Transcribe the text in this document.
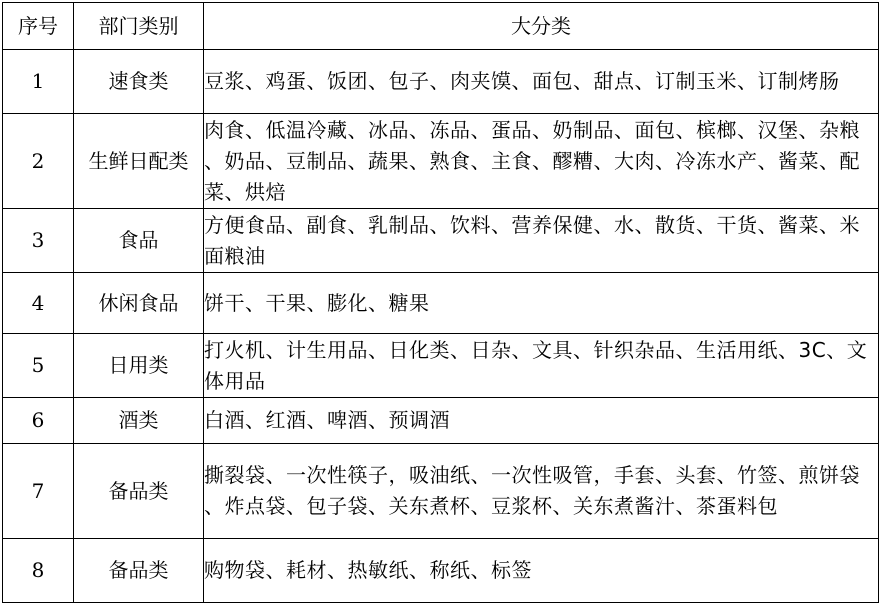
序号	部门类别	大分类
1	速食类	豆浆、鸡蛋、饭团、包子、肉夹馍、面包、甜点、订制玉米、订制烤肠
2	生鲜日配类	肉食、低温冷藏、冰品、冻品、蛋品、奶制品、面包、槟榔、汉堡、杂粮、奶品、豆制品、蔬果、熟食、主食、醪糟、大肉、冷冻水产、酱菜、配菜、烘焙
3	食品	方便食品、副食、乳制品、饮料、营养保健、水、散货、干货、酱菜、米面粮油
4	休闲食品	饼干、干果、膨化、糖果
5	日用类	打火机、计生用品、日化类、日杂、文具、针织杂品、生活用纸、3C、文体用品
6	酒类	白酒、红酒、啤酒、预调酒
7	备品类	撕裂袋、一次性筷子，吸油纸、一次性吸管，手套、头套、竹签、煎饼袋、炸点袋、包子袋、关东煮杯、豆浆杯、关东煮酱汁、茶蛋料包
8	备品类	购物袋、耗材、热敏纸、称纸、标签
